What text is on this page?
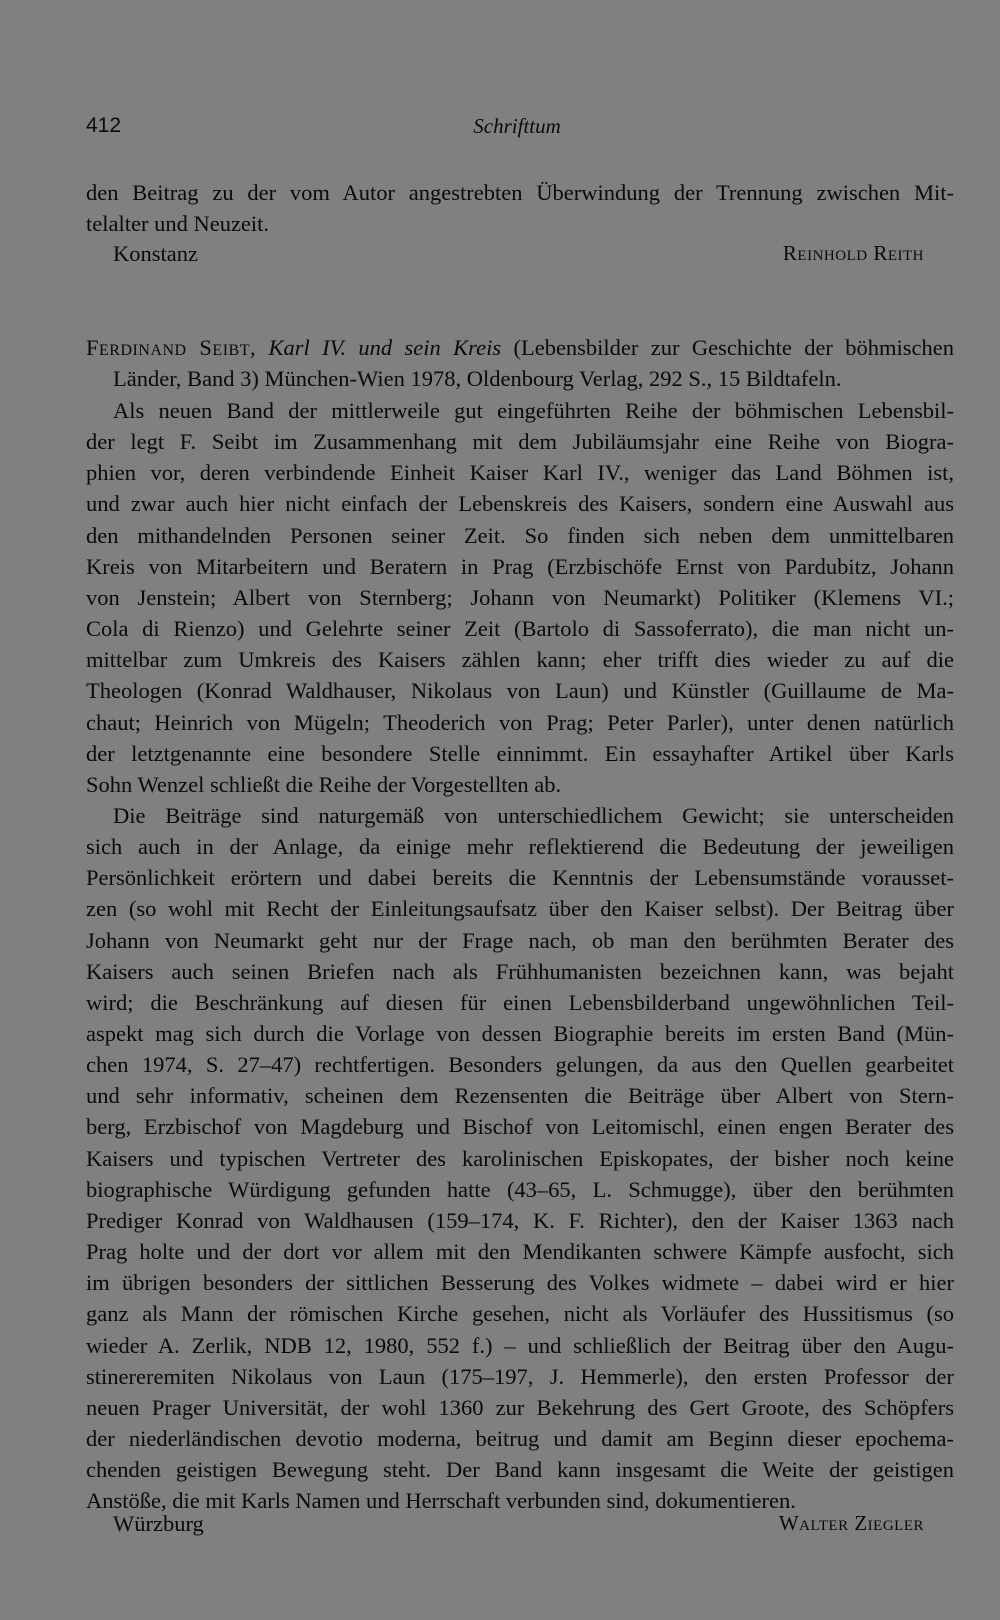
412	Schrifttum
den Beitrag zu der vom Autor angestrebten Überwindung der Trennung zwischen Mit-
telalter und Neuzeit.
Konstanz	Reinhold Reith
Ferdinand Seibt, Karl IV. und sein Kreis (Lebensbilder zur Geschichte der böhmischen
Länder, Band 3) München-Wien 1978, Oldenbourg Verlag, 292 S., 15 Bildtafeln.
Als neuen Band der mittlerweile gut eingeführten Reihe der böhmischen Lebensbil-
der legt F. Seibt im Zusammenhang mit dem Jubiläumsjahr eine Reihe von Biogra-
phien vor, deren verbindende Einheit Kaiser Karl IV., weniger das Land Böhmen ist,
und zwar auch hier nicht einfach der Lebenskreis des Kaisers, sondern eine Auswahl aus
den mithandelnden Personen seiner Zeit. So finden sich neben dem unmittelbaren
Kreis von Mitarbeitern und Beratern in Prag (Erzbischöfe Ernst von Pardubitz, Johann
von Jenstein; Albert von Sternberg; Johann von Neumarkt) Politiker (Klemens VI.;
Cola di Rienzo) und Gelehrte seiner Zeit (Bartolo di Sassoferrato), die man nicht un-
mittelbar zum Umkreis des Kaisers zählen kann; eher trifft dies wieder zu auf die
Theologen (Konrad Waldhauser, Nikolaus von Laun) und Künstler (Guillaume de Ma-
chaut; Heinrich von Mügeln; Theoderich von Prag; Peter Parler), unter denen natürlich
der letztgenannte eine besondere Stelle einnimmt. Ein essayhafter Artikel über Karls
Sohn Wenzel schließt die Reihe der Vorgestellten ab.
Die Beiträge sind naturgemäß von unterschiedlichem Gewicht; sie unterscheiden
sich auch in der Anlage, da einige mehr reflektierend die Bedeutung der jeweiligen
Persönlichkeit erörtern und dabei bereits die Kenntnis der Lebensumstände vorausset-
zen (so wohl mit Recht der Einleitungsaufsatz über den Kaiser selbst). Der Beitrag über
Johann von Neumarkt geht nur der Frage nach, ob man den berühmten Berater des
Kaisers auch seinen Briefen nach als Frühhumanisten bezeichnen kann, was bejaht
wird; die Beschränkung auf diesen für einen Lebensbilderband ungewöhnlichen Teil-
aspekt mag sich durch die Vorlage von dessen Biographie bereits im ersten Band (Mün-
chen 1974, S. 27–47) rechtfertigen. Besonders gelungen, da aus den Quellen gearbeitet
und sehr informativ, scheinen dem Rezensenten die Beiträge über Albert von Stern-
berg, Erzbischof von Magdeburg und Bischof von Leitomischl, einen engen Berater des
Kaisers und typischen Vertreter des karolinischen Episkopates, der bisher noch keine
biographische Würdigung gefunden hatte (43–65, L. Schmugge), über den berühmten
Prediger Konrad von Waldhausen (159–174, K. F. Richter), den der Kaiser 1363 nach
Prag holte und der dort vor allem mit den Mendikanten schwere Kämpfe ausfocht, sich
im übrigen besonders der sittlichen Besserung des Volkes widmete – dabei wird er hier
ganz als Mann der römischen Kirche gesehen, nicht als Vorläufer des Hussitismus (so
wieder A. Zerlik, NDB 12, 1980, 552 f.) – und schließlich der Beitrag über den Augu-
stinereremiten Nikolaus von Laun (175–197, J. Hemmerle), den ersten Professor der
neuen Prager Universität, der wohl 1360 zur Bekehrung des Gert Groote, des Schöpfers
der niederländischen devotio moderna, beitrug und damit am Beginn dieser epochema-
chenden geistigen Bewegung steht. Der Band kann insgesamt die Weite der geistigen
Anstöße, die mit Karls Namen und Herrschaft verbunden sind, dokumentieren.
Würzburg	Walter Ziegler
